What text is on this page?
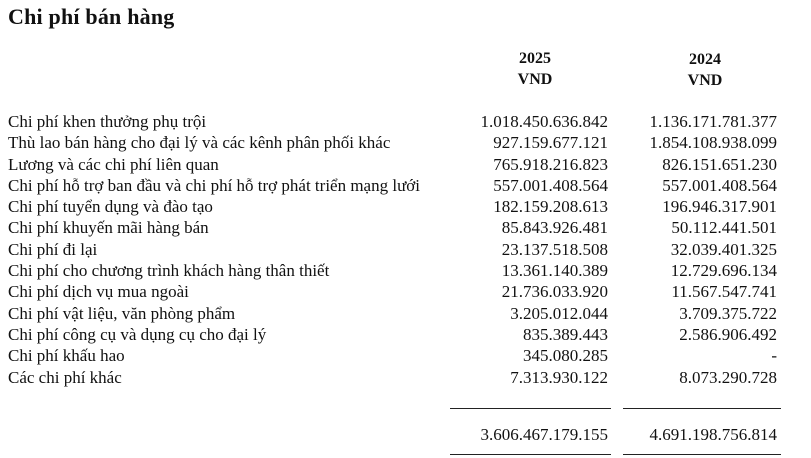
Chi phí bán hàng
2025
VND
2024
VND
Chi phí khen thưởng phụ trội	1.018.450.636.842 1.136.171.781.377
Thù lao bán hàng cho đại lý và các kênh phân phối khác	927.159.677.121 1.854.108.938.099
Lương và các chi phí liên quan	765.918.216.823	826.151.651.230
Chi phí hỗ trợ ban đầu và chi phí hỗ trợ phát triển mạng lưới	557.001.408.564	557.001.408.564
Chi phí tuyển dụng và đào tạo	182.159.208.613	196.946.317.901
Chi phí khuyến mãi hàng bán	85.843.926.481	50.112.441.501
Chi phí đi lại	23.137.518.508	32.039.401.325
Chi phí cho chương trình khách hàng thân thiết	13.361.140.389	12.729.696.134
Chi phí dịch vụ mua ngoài	21.736.033.920	11.567.547.741
Chi phí vật liệu, văn phòng phẩm	3.205.012.044	3.709.375.722
Chi phí công cụ và dụng cụ cho đại lý	835.389.443	2.586.906.492
Chi phí khấu hao	345.080.285	-
Các chi phí khác	7.313.930.122	8.073.290.728
3.606.467.179.155 4.691.198.756.814
